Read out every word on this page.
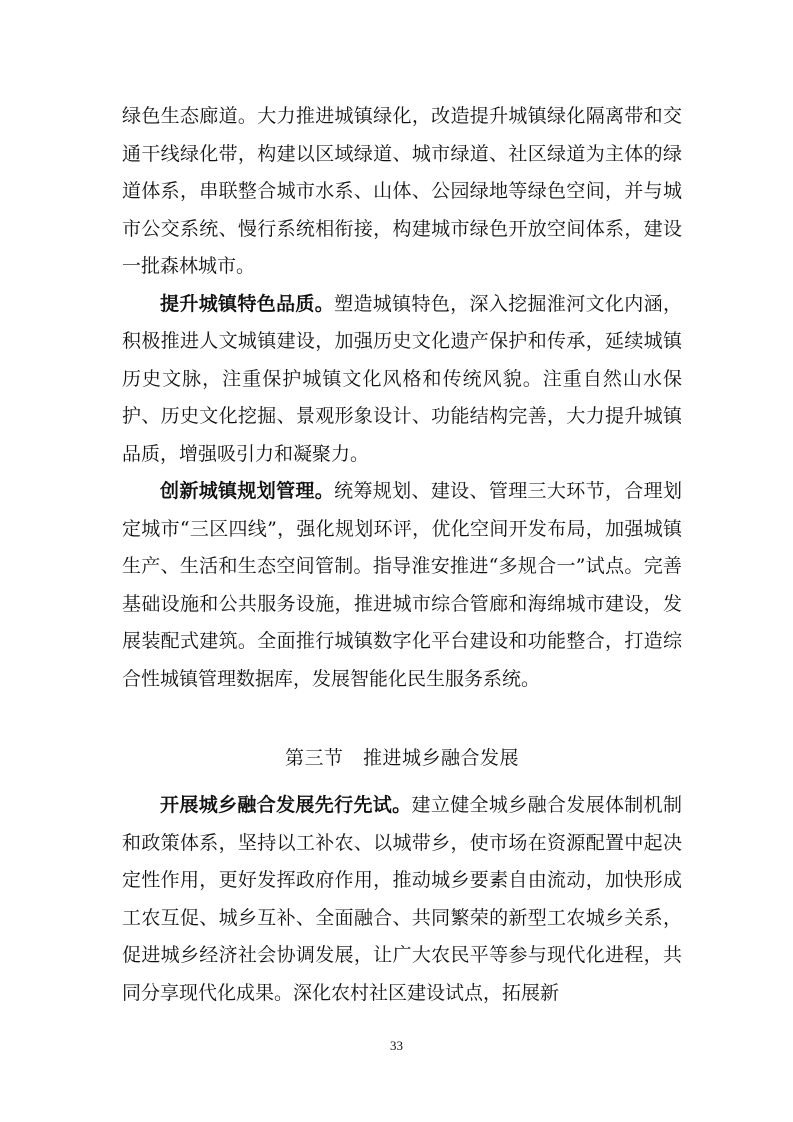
绿色生态廊道。大力推进城镇绿化，改造提升城镇绿化隔离带和交通干线绿化带，构建以区域绿道、城市绿道、社区绿道为主体的绿道体系，串联整合城市水系、山体、公园绿地等绿色空间，并与城市公交系统、慢行系统相衔接，构建城市绿色开放空间体系，建设一批森林城市。

提升城镇特色品质。塑造城镇特色，深入挖掘淮河文化内涵，积极推进人文城镇建设，加强历史文化遗产保护和传承，延续城镇历史文脉，注重保护城镇文化风格和传统风貌。注重自然山水保护、历史文化挖掘、景观形象设计、功能结构完善，大力提升城镇品质，增强吸引力和凝聚力。

创新城镇规划管理。统筹规划、建设、管理三大环节，合理划定城市“三区四线”，强化规划环评，优化空间开发布局，加强城镇生产、生活和生态空间管制。指导淮安推进“多规合一”试点。完善基础设施和公共服务设施，推进城市综合管廊和海绵城市建设，发展装配式建筑。全面推行城镇数字化平台建设和功能整合，打造综合性城镇管理数据库，发展智能化民生服务系统。

第三节　推进城乡融合发展

开展城乡融合发展先行先试。建立健全城乡融合发展体制机制和政策体系，坚持以工补农、以城带乡，使市场在资源配置中起决定性作用，更好发挥政府作用，推动城乡要素自由流动，加快形成工农互促、城乡互补、全面融合、共同繁荣的新型工农城乡关系，促进城乡经济社会协调发展，让广大农民平等参与现代化进程，共同分享现代化成果。深化农村社区建设试点，拓展新

33
